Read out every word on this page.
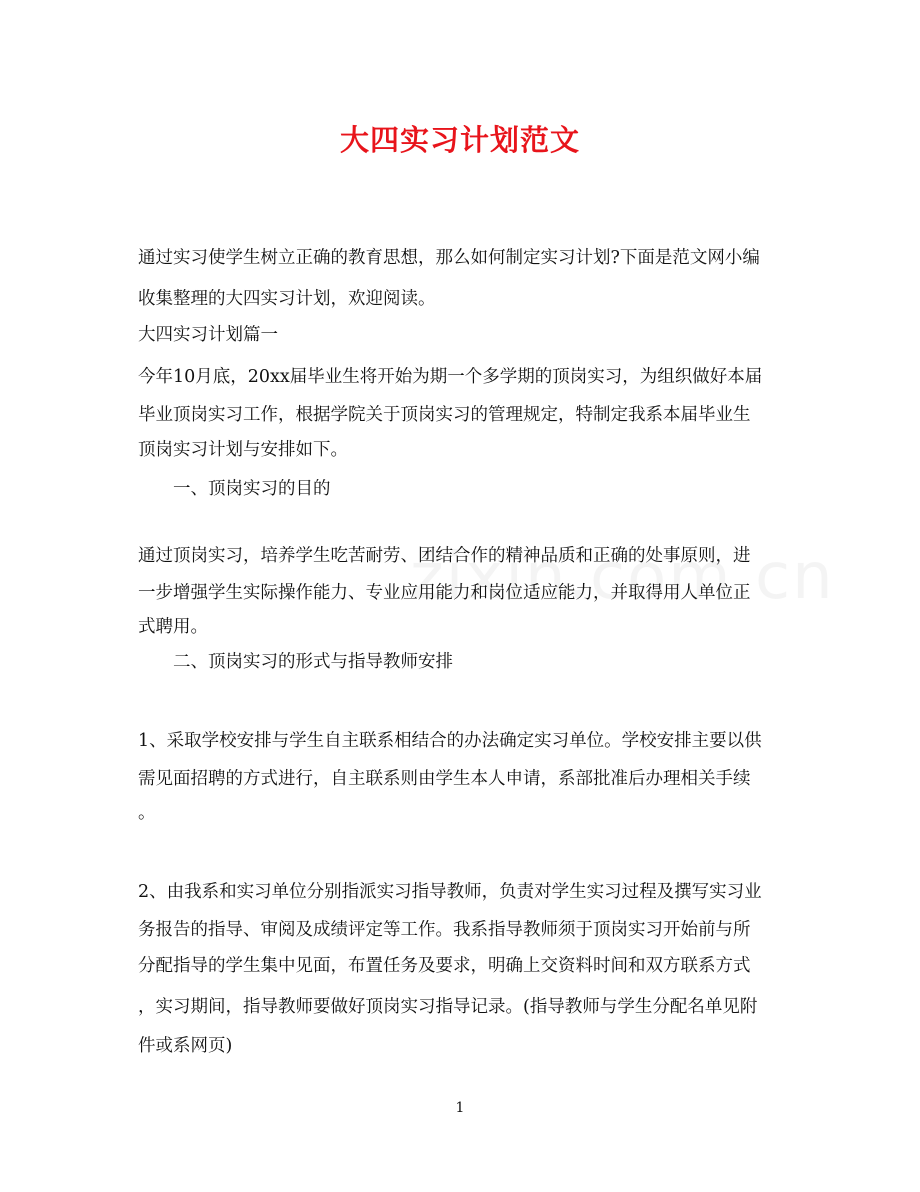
大四实习计划范文
通过实习使学生树立正确的教育思想，那么如何制定实习计划?下面是范文网小编
收集整理的大四实习计划，欢迎阅读。
大四实习计划篇一
今年10月底，20xx届毕业生将开始为期一个多学期的顶岗实习，为组织做好本届
毕业顶岗实习工作，根据学院关于顶岗实习的管理规定，特制定我系本届毕业生
顶岗实习计划与安排如下。
一、顶岗实习的目的
通过顶岗实习，培养学生吃苦耐劳、团结合作的精神品质和正确的处事原则，进
一步增强学生实际操作能力、专业应用能力和岗位适应能力，并取得用人单位正
式聘用。
二、顶岗实习的形式与指导教师安排
1、采取学校安排与学生自主联系相结合的办法确定实习单位。学校安排主要以供
需见面招聘的方式进行，自主联系则由学生本人申请，系部批准后办理相关手续
。
2、由我系和实习单位分别指派实习指导教师，负责对学生实习过程及撰写实习业
务报告的指导、审阅及成绩评定等工作。我系指导教师须于顶岗实习开始前与所
分配指导的学生集中见面，布置任务及要求，明确上交资料时间和双方联系方式
，实习期间，指导教师要做好顶岗实习指导记录。(指导教师与学生分配名单见附
件或系网页)
1
